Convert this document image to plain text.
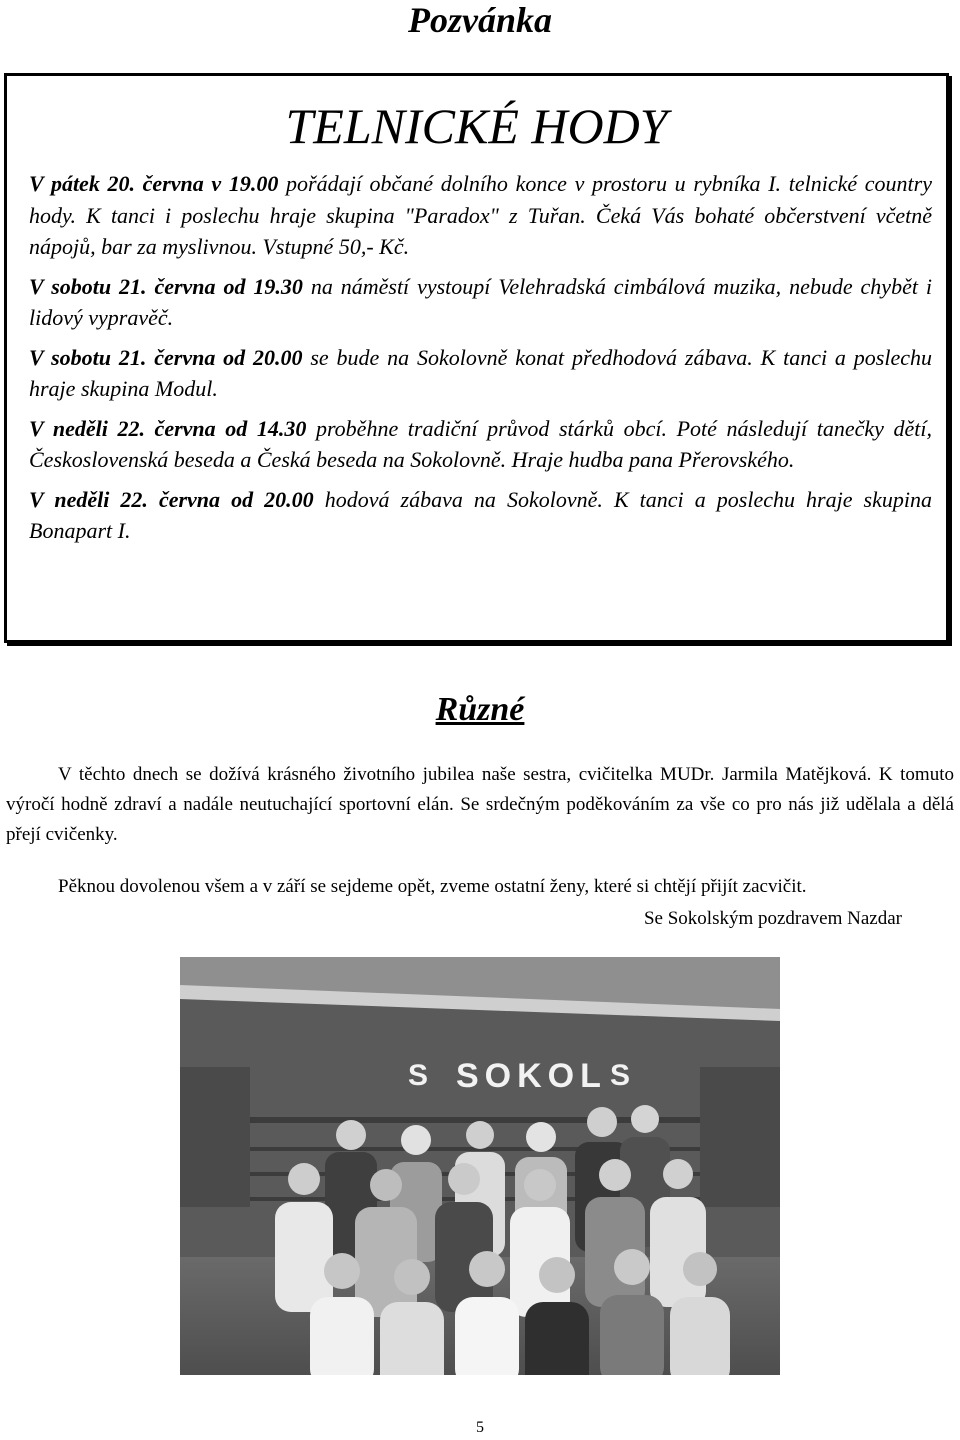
Pozvánka
TELNICKÉ HODY

V pátek 20. června v 19.00 pořádají občané dolního konce v prostoru u rybníka I. telnické country hody. K tanci i poslechu hraje skupina "Paradox" z Tuřan. Čeká Vás bohaté občerstvení včetně nápojů, bar za myslivnou. Vstupné 50,- Kč.

V sobotu 21. června od 19.30 na náměstí vystoupí Velehradská cimbálová muzika, nebude chybět i lidový vypravěč.

V sobotu 21. června od 20.00 se bude na Sokolovně konat předhodová zábava. K tanci a poslechu hraje skupina Modul.

V neděli 22. června od 14.30 proběhne tradiční průvod stárků obcí. Poté následují tanečky dětí, Československá beseda a Česká beseda na Sokolovně. Hraje hudba pana Přerovského.

V neděli 22. června od 20.00 hodová zábava na Sokolovně. K tanci a poslechu hraje skupina Bonapart I.

Různé

V těchto dnech se dožívá krásného životního jubilea naše sestra, cvičitelka MUDr. Jarmila Matějková. K tomuto výročí hodně zdraví a nadále neutuchající sportovní elán. Se srdečným poděkováním za vše co pro nás již udělala a dělá přejí cvičenky.

Pěknou dovolenou všem a v září se sejdeme opět, zveme ostatní ženy, které si chtějí přijít zacvičit.

Se Sokolským pozdravem Nazdar
S SOKOL S
5
